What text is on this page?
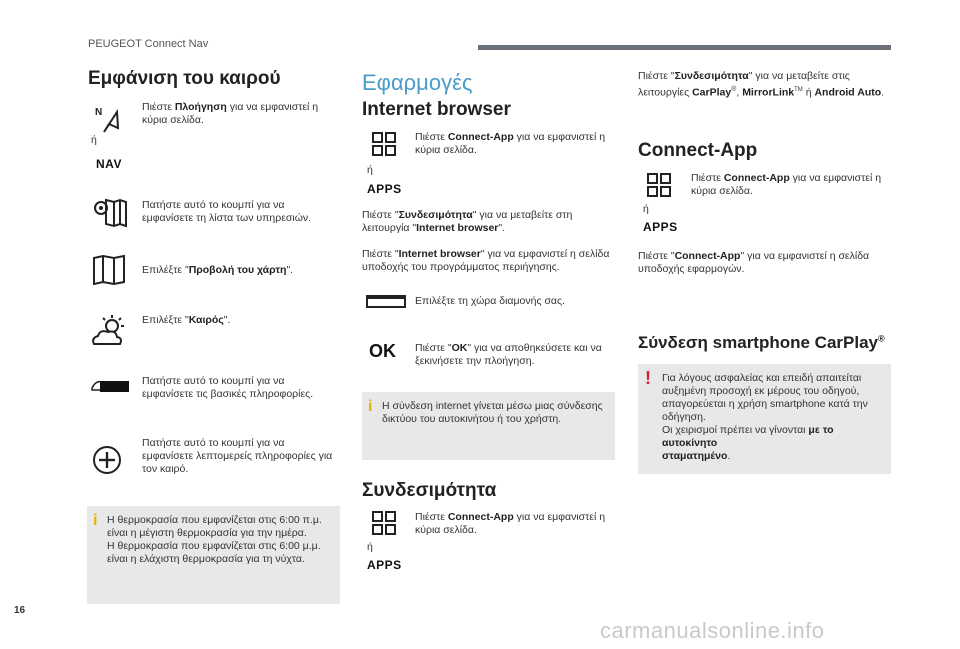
PEUGEOT Connect Nav
Εμφάνιση του καιρού
N	Πιέστε Πλοήγηση για να εμφανιστεί η κύρια σελίδα.
ή
NAV
Πατήστε αυτό το κουμπί για να εμφανίσετε τη λίστα των υπηρεσιών.
Επιλέξτε "Προβολή του χάρτη".
Επιλέξτε "Καιρός".
Πατήστε αυτό το κουμπί για να εμφανίσετε τις βασικές πληροφορίες.
Πατήστε αυτό το κουμπί για να εμφανίσετε λεπτομερείς πληροφορίες για τον καιρό.
i Η θερμοκρασία που εμφανίζεται στις 6:00 π.μ.
είναι η μέγιστη θερμοκρασία για την ημέρα.
Η θερμοκρασία που εμφανίζεται στις 6:00 μ.μ.
είναι η ελάχιστη θερμοκρασία για τη νύχτα.
Εφαρμογές
Internet browser
Πιέστε Connect-App για να εμφανιστεί η κύρια σελίδα.
ή
APPS
Πιέστε "Συνδεσιμότητα" για να μεταβείτε στη λειτουργία "Internet browser".
Πιέστε "Internet browser" για να εμφανιστεί η σελίδα υποδοχής του προγράμματος περιήγησης.
Επιλέξτε τη χώρα διαμονής σας.
OK Πιέστε "OK" για να αποθηκεύσετε και να ξεκινήσετε την πλοήγηση.
i Η σύνδεση internet γίνεται μέσω μιας σύνδεσης δικτύου του αυτοκινήτου ή του χρήστη.
Συνδεσιμότητα
Πιέστε Connect-App για να εμφανιστεί η κύρια σελίδα.
ή
APPS
Πιέστε "Συνδεσιμότητα" για να μεταβείτε στις λειτουργίες CarPlay®, MirrorLink™ ή Android Auto.
Connect-App
Πιέστε Connect-App για να εμφανιστεί η κύρια σελίδα.
ή
APPS
Πιέστε "Connect-App" για να εμφανιστεί η σελίδα υποδοχής εφαρμογών.
Σύνδεση smartphone CarPlay®
! Για λόγους ασφαλείας και επειδή απαιτείται
αυξημένη προσοχή εκ μέρους του οδηγού,
απαγορεύεται η χρήση smartphone κατά την
οδήγηση.
Οι χειρισμοί πρέπει να γίνονται με το αυτοκίνητο
σταματημένο.
16
carmanualsonline.info
